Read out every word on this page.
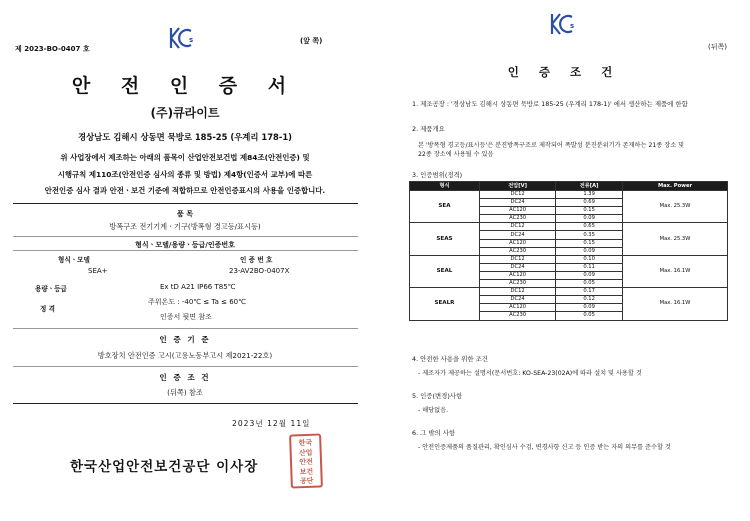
제 2023-BO-0407 호
s	(앞 쪽)
안 전 인 증 서
(주)큐라이트
경상남도 김해시 상동면 묵방로 185-25 (우계리 178-1)
위 사업장에서 제조하는 아래의 품목이 산업안전보건법 제84조(안전인증) 및
시행규칙 제110조(안전인증 심사의 종류 및 방법) 제4항(인증서 교부)에 따른
안전인증 심사 결과 안전ㆍ보건 기준에 적합하므로 안전인증표시의 사용을 인증합니다.
품 목
방폭구조 전기기계ㆍ기구(방폭형 경고등/표시등)
형식ㆍ모델/용량ㆍ등급/인증번호
형식ㆍ모델	인 증 번 호
SEA+	23-AV2BO-0407X
용량ㆍ등급	Ex tD A21 IP66 T85℃
주위온도 : -40℃ ≤ Ta ≤ 60℃
정 격
인증서 뒷면 참조
인 증 기 준
방호장치 안전인증 고시(고용노동부고시 제2021-22호)
인 증 조 건
(뒤쪽) 참조
2023년 12월 11일
한국산업안전보건공단 이사장
한국
산업
안전
보건
공단
s
(뒤쪽)
인 증 조 건
1. 제조공장 : '경상남도 김해시 상동면 묵방로 185-25 (우계리 178-1)' 에서 생산하는 제품에 한함
2. 제품개요
본 '방폭형 경고등/표시등'은 분진방폭구조로 제작되어 폭발성 분진분위기가 존재하는 21종 장소 및
22종 장소에 사용될 수 있음
3. 인증범위(정격)
형식	전압[V]	전류[A]	Max. Power
SEA	DC12	1.39	Max. 25.3W
	DC24	0.69	
	AC120	0.15	
	AC230	0.09	
SEAS	DC12	0.65	Max. 25.3W
	DC24	0.35	
	AC120	0.15	
	AC230	0.09	
SEAL	DC12	0.10	Max. 16.1W
	DC24	0.11	
	AC120	0.09	
	AC230	0.05	
SEALR	DC12	0.17	Max. 16.1W
	DC24	0.12	
	AC120	0.09	
	AC230	0.05	
4. 안전한 사용을 위한 조건
- 제조자가 제공하는 설명서(문서번호: KO-SEA-23(02A)에 따라 설치 및 사용할 것
5. 인증(변경)사항
- 해당없음.
6. 그 밖의 사항
- 안전인증제품의 품질관리, 확인심사 수검, 변경사항 신고 등 인증 받는 자의 의무를 준수할 것
